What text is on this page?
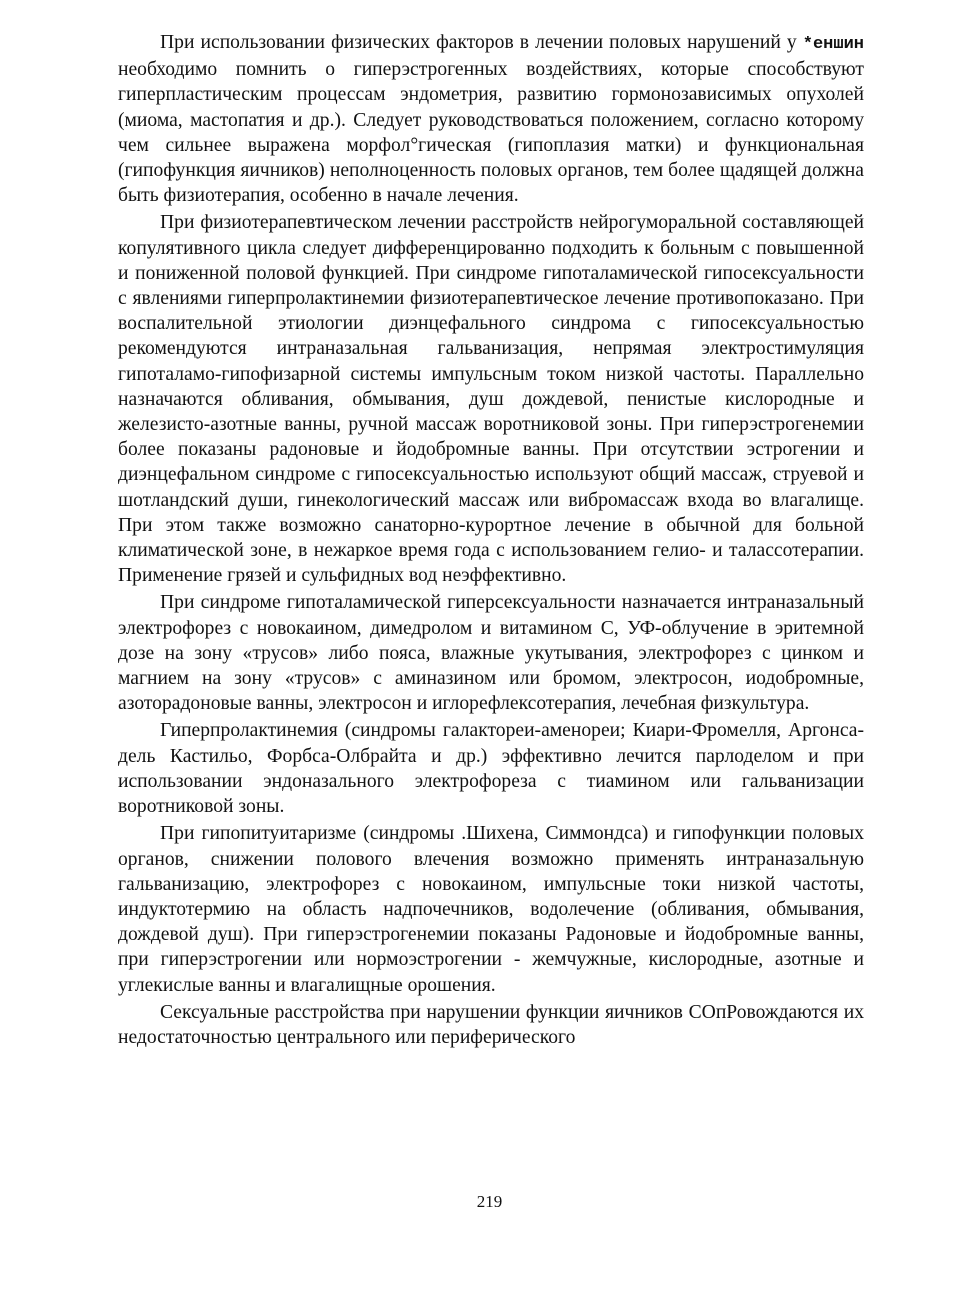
При использовании физических факторов в лечении половых нарушений у *еншин необходимо помнить о гиперэстрогенных воздействиях, которые способствуют гиперпластическим процессам эндометрия, развитию гормонозависимых опухолей (миома, мастопатия и др.). Следует руководствоваться положением, согласно которому чем сильнее выражена морфол°гическая (гипоплазия матки) и функциональная (гипофункция яичников) неполноценность половых органов, тем более щадящей должна быть физиотерапия, особенно в начале лечения.

При физиотерапевтическом лечении расстройств нейрогуморальной составляющей копулятивного цикла следует дифференцированно подходить к больным с повышенной и пониженной половой функцией. При синдроме гипоталамической гипосексуальности с явлениями гиперпролактинемии физиотерапевтическое лечение противопоказано. При воспалительной этиологии диэнцефального синдрома с гипосексуальностью рекомендуются интраназальная гальванизация, непрямая электростимуляция гипоталамо-гипофизарной системы импульсным током низкой частоты. Параллельно назначаются обливания, обмывания, душ дождевой, пенистые кислородные и железисто-азотные ванны, ручной массаж воротниковой зоны. При гиперэстрогенемии более показаны радоновые и йодобромные ванны. При отсутствии эстрогении и диэнцефальном синдроме с гипосексуальностью используют общий массаж, струевой и шотландский души, гинекологический массаж или вибромассаж входа во влагалище. При этом также возможно санаторно-курортное лечение в обычной для больной климатической зоне, в нежаркое время года с использованием гелио- и талассотерапии. Применение грязей и сульфидных вод неэффективно.

При синдроме гипоталамической гиперсексуальности назначается интраназальный электрофорез с новокаином, димедролом и витамином С, УФ-облучение в эритемной дозе на зону «трусов» либо пояса, влажные укутывания, электрофорез с цинком и магнием на зону «трусов» с аминазином или бромом, электросон, иодобромные, азоторадоновые ванны, электросон и иглорефлексотерапия, лечебная физкультура.

Гиперпролактинемия (синдромы галактореи-аменореи; Киари-Фромелля, Аргонса-дель Кастильо, Форбса-Олбрайта и др.) эффективно лечится парлоделом и при использовании эндоназального электрофореза с тиамином или гальванизации воротниковой зоны.

При гипопитуитаризме (синдромы .Шихена, Симмондса) и гипофункции половых органов, снижении полового влечения возможно применять интраназальную гальванизацию, электрофорез с новокаином, импульсные токи низкой частоты, индуктотермию на область надпочечников, водолечение (обливания, обмывания, дождевой душ). При гиперэстрогенемии показаны Радоновые и йодобромные ванны, при гиперэстрогении или нормоэстрогении - жемчужные, кислородные, азотные и углекислые ванны и влагалищные орошения.

Сексуальные расстройства при нарушении функции яичников СОпРовождаются их недостаточностью центрального или периферического

219
